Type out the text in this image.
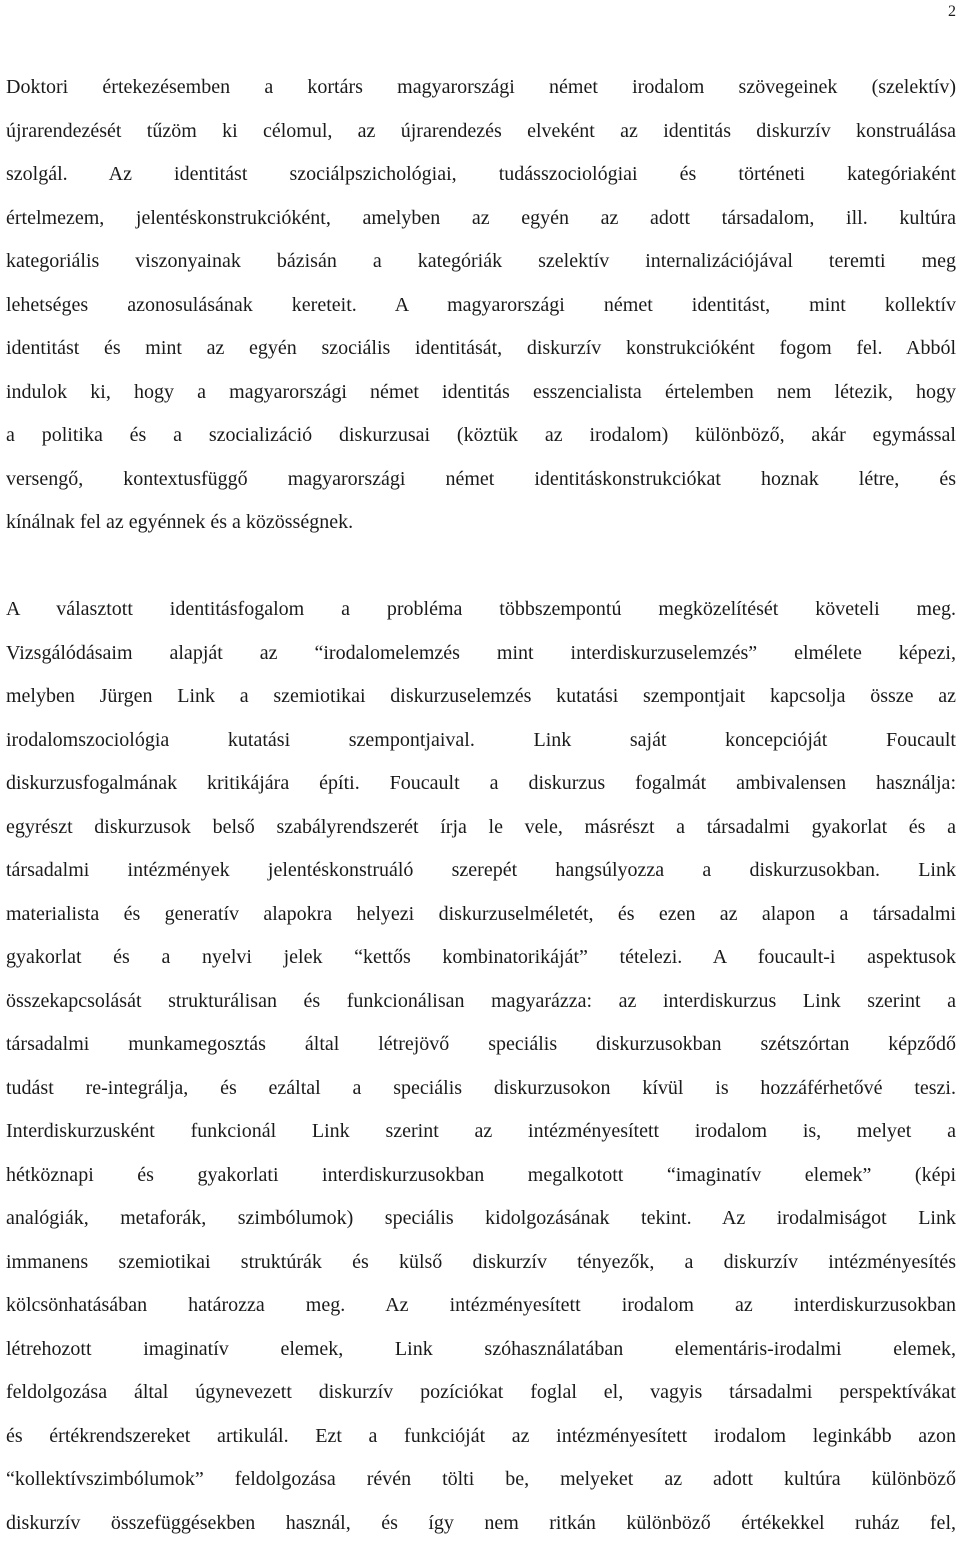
2
Doktori értekezésemben a kortárs magyarországi német irodalom szövegeinek (szelektív)
újrarendezését tűzöm ki célomul, az újrarendezés elveként az identitás diskurzív konstruálása
szolgál. Az identitást szociálpszichológiai, tudásszociológiai és történeti kategóriaként
értelmezem, jelentéskonstrukcióként, amelyben az egyén az adott társadalom, ill. kultúra
kategoriális viszonyainak bázisán a kategóriák szelektív internalizációjával teremti meg
lehetséges azonosulásának kereteit. A magyarországi német identitást, mint kollektív
identitást és mint az egyén szociális identitását, diskurzív konstrukcióként fogom fel. Abból
indulok ki, hogy a magyarországi német identitás esszencialista értelemben nem létezik, hogy
a politika és a szocializáció diskurzusai (köztük az irodalom) különböző, akár egymással
versengő, kontextusfüggő magyarországi német identitáskonstrukciókat hoznak létre, és
kínálnak fel az egyénnek és a közösségnek.
A választott identitásfogalom a probléma többszempontú megközelítését követeli meg.
Vizsgálódásaim alapját az “irodalomelemzés mint interdiskurzuselemzés” elmélete képezi,
melyben Jürgen Link a szemiotikai diskurzuselemzés kutatási szempontjait kapcsolja össze az
irodalomszociológia kutatási szempontjaival. Link saját koncepcióját Foucault
diskurzusfogalmának kritikájára építi. Foucault a diskurzus fogalmát ambivalensen használja:
egyrészt diskurzusok belső szabályrendszerét írja le vele, másrészt a társadalmi gyakorlat és a
társadalmi intézmények jelentéskonstruáló szerepét hangsúlyozza a diskurzusokban. Link
materialista és generatív alapokra helyezi diskurzuselméletét, és ezen az alapon a társadalmi
gyakorlat és a nyelvi jelek “kettős kombinatorikáját” tételezi. A foucault-i aspektusok
összekapcsolását strukturálisan és funkcionálisan magyarázza: az interdiskurzus Link szerint a
társadalmi munkamegosztás által létrejövő speciális diskurzusokban szétszórtan képződő
tudást re-integrálja, és ezáltal a speciális diskurzusokon kívül is hozzáférhetővé teszi.
Interdiskurzusként funkcionál Link szerint az intézményesített irodalom is, melyet a
hétköznapi és gyakorlati interdiskurzusokban megalkotott “imaginatív elemek” (képi
analógiák, metaforák, szimbólumok) speciális kidolgozásának tekint. Az irodalmiságot Link
immanens szemiotikai struktúrák és külső diskurzív tényezők, a diskurzív intézményesítés
kölcsönhatásában határozza meg. Az intézményesített irodalom az interdiskurzusokban
létrehozott imaginatív elemek, Link szóhasználatában elementáris-irodalmi elemek,
feldolgozása által úgynevezett diskurzív pozíciókat foglal el, vagyis társadalmi perspektívákat
és értékrendszereket artikulál. Ezt a funkcióját az intézményesített irodalom leginkább azon
“kollektívszimbólumok” feldolgozása révén tölti be, melyeket az adott kultúra különböző
diskurzív összefüggésekben használ, és így nem ritkán különböző értékekkel ruház fel,
